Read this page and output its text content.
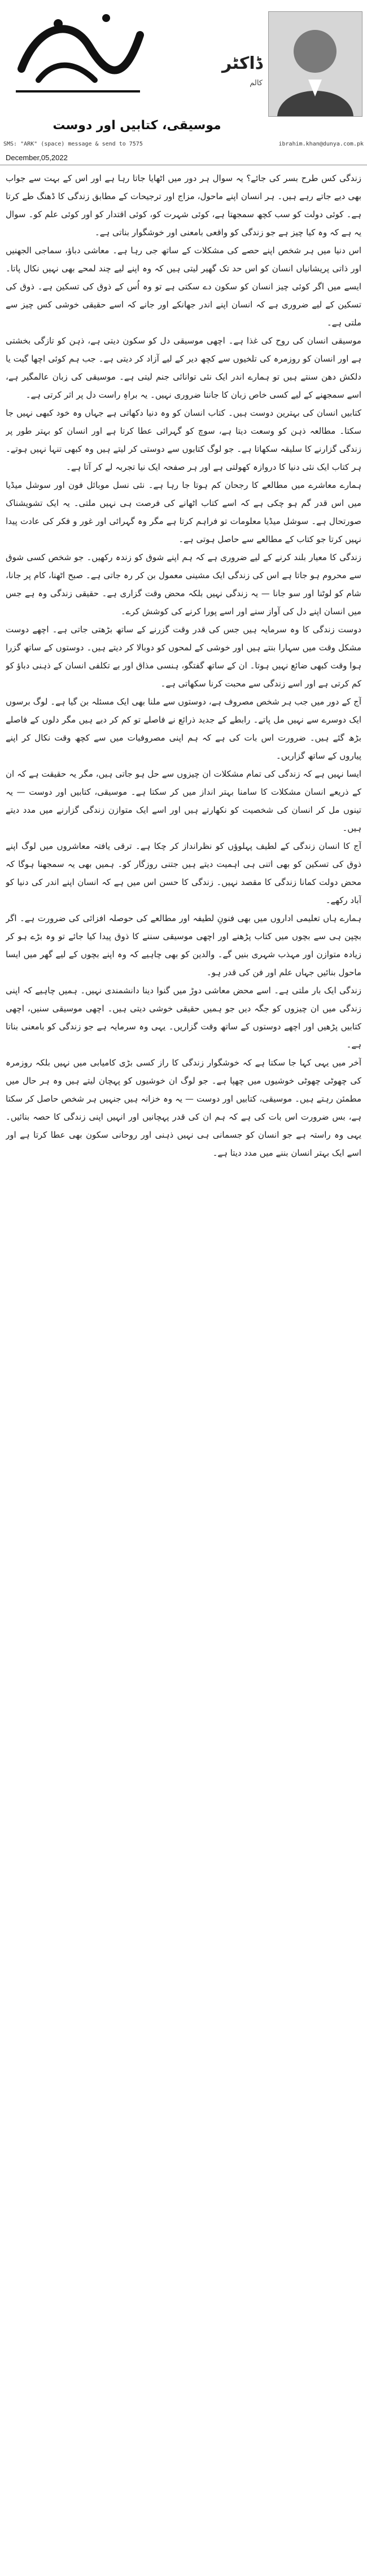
ڈاکٹر
کالم
موسیقی، کتابیں اور دوست
SMS: "ARK" (space) message & send to 7575	ibrahim.khan@dunya.com.pk
December,05,2022

زندگی کس طرح بسر کی جائے؟ یہ سوال ہر دور میں اٹھایا جاتا رہا ہے اور اس کے بہت سے جواب بھی دیے جاتے رہے ہیں۔ ہر انسان اپنے ماحول، مزاج اور ترجیحات کے مطابق زندگی کا ڈھنگ طے کرتا ہے۔ کوئی دولت کو سب کچھ سمجھتا ہے، کوئی شہرت کو، کوئی اقتدار کو اور کوئی علم کو۔ سوال یہ ہے کہ وہ کیا چیز ہے جو زندگی کو واقعی بامعنی اور خوشگوار بناتی ہے۔

اس دنیا میں ہر شخص اپنے حصے کی مشکلات کے ساتھ جی رہا ہے۔ معاشی دباؤ، سماجی الجھنیں اور ذاتی پریشانیاں انسان کو اس حد تک گھیر لیتی ہیں کہ وہ اپنے لیے چند لمحے بھی نہیں نکال پاتا۔ ایسے میں اگر کوئی چیز انسان کو سکون دے سکتی ہے تو وہ اُس کے ذوق کی تسکین ہے۔ ذوق کی تسکین کے لیے ضروری ہے کہ انسان اپنے اندر جھانکے اور جانے کہ اسے حقیقی خوشی کس چیز سے ملتی ہے۔

موسیقی انسان کی روح کی غذا ہے۔ اچھی موسیقی دل کو سکون دیتی ہے، ذہن کو تازگی بخشتی ہے اور انسان کو روزمرہ کی تلخیوں سے کچھ دیر کے لیے آزاد کر دیتی ہے۔ جب ہم کوئی اچھا گیت یا دلکش دھن سنتے ہیں تو ہمارے اندر ایک نئی توانائی جنم لیتی ہے۔ موسیقی کی زبان عالمگیر ہے، اسے سمجھنے کے لیے کسی خاص زبان کا جاننا ضروری نہیں۔ یہ براہِ راست دل پر اثر کرتی ہے۔

کتابیں انسان کی بہترین دوست ہیں۔ کتاب انسان کو وہ دنیا دکھاتی ہے جہاں وہ خود کبھی نہیں جا سکتا۔ مطالعہ ذہن کو وسعت دیتا ہے، سوچ کو گہرائی عطا کرتا ہے اور انسان کو بہتر طور پر زندگی گزارنے کا سلیقہ سکھاتا ہے۔ جو لوگ کتابوں سے دوستی کر لیتے ہیں وہ کبھی تنہا نہیں ہوتے۔ ہر کتاب ایک نئی دنیا کا دروازہ کھولتی ہے اور ہر صفحہ ایک نیا تجربہ لے کر آتا ہے۔

ہمارے معاشرے میں مطالعے کا رجحان کم ہوتا جا رہا ہے۔ نئی نسل موبائل فون اور سوشل میڈیا میں اس قدر گم ہو چکی ہے کہ اسے کتاب اٹھانے کی فرصت ہی نہیں ملتی۔ یہ ایک تشویشناک صورتحال ہے۔ سوشل میڈیا معلومات تو فراہم کرتا ہے مگر وہ گہرائی اور غور و فکر کی عادت پیدا نہیں کرتا جو کتاب کے مطالعے سے حاصل ہوتی ہے۔

زندگی کا معیار بلند کرنے کے لیے ضروری ہے کہ ہم اپنے شوق کو زندہ رکھیں۔ جو شخص کسی شوق سے محروم ہو جاتا ہے اس کی زندگی ایک مشینی معمول بن کر رہ جاتی ہے۔ صبح اٹھنا، کام پر جانا، شام کو لوٹنا اور سو جانا — یہ زندگی نہیں بلکہ محض وقت گزاری ہے۔ حقیقی زندگی وہ ہے جس میں انسان اپنے دل کی آواز سنے اور اسے پورا کرنے کی کوشش کرے۔

دوست زندگی کا وہ سرمایہ ہیں جس کی قدر وقت گزرنے کے ساتھ بڑھتی جاتی ہے۔ اچھے دوست مشکل وقت میں سہارا بنتے ہیں اور خوشی کے لمحوں کو دوبالا کر دیتے ہیں۔ دوستوں کے ساتھ گزرا ہوا وقت کبھی ضائع نہیں ہوتا۔ ان کے ساتھ گفتگو، ہنسی مذاق اور بے تکلفی انسان کے ذہنی دباؤ کو کم کرتی ہے اور اسے زندگی سے محبت کرنا سکھاتی ہے۔

آج کے دور میں جب ہر شخص مصروف ہے، دوستوں سے ملنا بھی ایک مسئلہ بن گیا ہے۔ لوگ برسوں ایک دوسرے سے نہیں مل پاتے۔ رابطے کے جدید ذرائع نے فاصلے تو کم کر دیے ہیں مگر دلوں کے فاصلے بڑھ گئے ہیں۔ ضرورت اس بات کی ہے کہ ہم اپنی مصروفیات میں سے کچھ وقت نکال کر اپنے پیاروں کے ساتھ گزاریں۔

ایسا نہیں ہے کہ زندگی کی تمام مشکلات ان چیزوں سے حل ہو جاتی ہیں، مگر یہ حقیقت ہے کہ ان کے ذریعے انسان مشکلات کا سامنا بہتر انداز میں کر سکتا ہے۔ موسیقی، کتابیں اور دوست — یہ تینوں مل کر انسان کی شخصیت کو نکھارتے ہیں اور اسے ایک متوازن زندگی گزارنے میں مدد دیتے ہیں۔

آج کا انسان زندگی کے لطیف پہلوؤں کو نظرانداز کر چکا ہے۔ ترقی یافتہ معاشروں میں لوگ اپنے ذوق کی تسکین کو بھی اتنی ہی اہمیت دیتے ہیں جتنی روزگار کو۔ ہمیں بھی یہ سمجھنا ہوگا کہ محض دولت کمانا زندگی کا مقصد نہیں۔ زندگی کا حسن اس میں ہے کہ انسان اپنے اندر کی دنیا کو آباد رکھے۔

ہمارے ہاں تعلیمی اداروں میں بھی فنونِ لطیفہ اور مطالعے کی حوصلہ افزائی کی ضرورت ہے۔ اگر بچپن ہی سے بچوں میں کتاب پڑھنے اور اچھی موسیقی سننے کا ذوق پیدا کیا جائے تو وہ بڑے ہو کر زیادہ متوازن اور مہذب شہری بنیں گے۔ والدین کو بھی چاہیے کہ وہ اپنے بچوں کے لیے گھر میں ایسا ماحول بنائیں جہاں علم اور فن کی قدر ہو۔

زندگی ایک بار ملتی ہے۔ اسے محض معاشی دوڑ میں گنوا دینا دانشمندی نہیں۔ ہمیں چاہیے کہ اپنی زندگی میں ان چیزوں کو جگہ دیں جو ہمیں حقیقی خوشی دیتی ہیں۔ اچھی موسیقی سنیں، اچھی کتابیں پڑھیں اور اچھے دوستوں کے ساتھ وقت گزاریں۔ یہی وہ سرمایہ ہے جو زندگی کو بامعنی بناتا ہے۔

آخر میں یہی کہا جا سکتا ہے کہ خوشگوار زندگی کا راز کسی بڑی کامیابی میں نہیں بلکہ روزمرہ کی چھوٹی چھوٹی خوشیوں میں چھپا ہے۔ جو لوگ ان خوشیوں کو پہچان لیتے ہیں وہ ہر حال میں مطمئن رہتے ہیں۔ موسیقی، کتابیں اور دوست — یہ وہ خزانہ ہیں جنہیں ہر شخص حاصل کر سکتا ہے، بس ضرورت اس بات کی ہے کہ ہم ان کی قدر پہچانیں اور انہیں اپنی زندگی کا حصہ بنائیں۔ یہی وہ راستہ ہے جو انسان کو جسمانی ہی نہیں ذہنی اور روحانی سکون بھی عطا کرتا ہے اور اسے ایک بہتر انسان بننے میں مدد دیتا ہے۔
